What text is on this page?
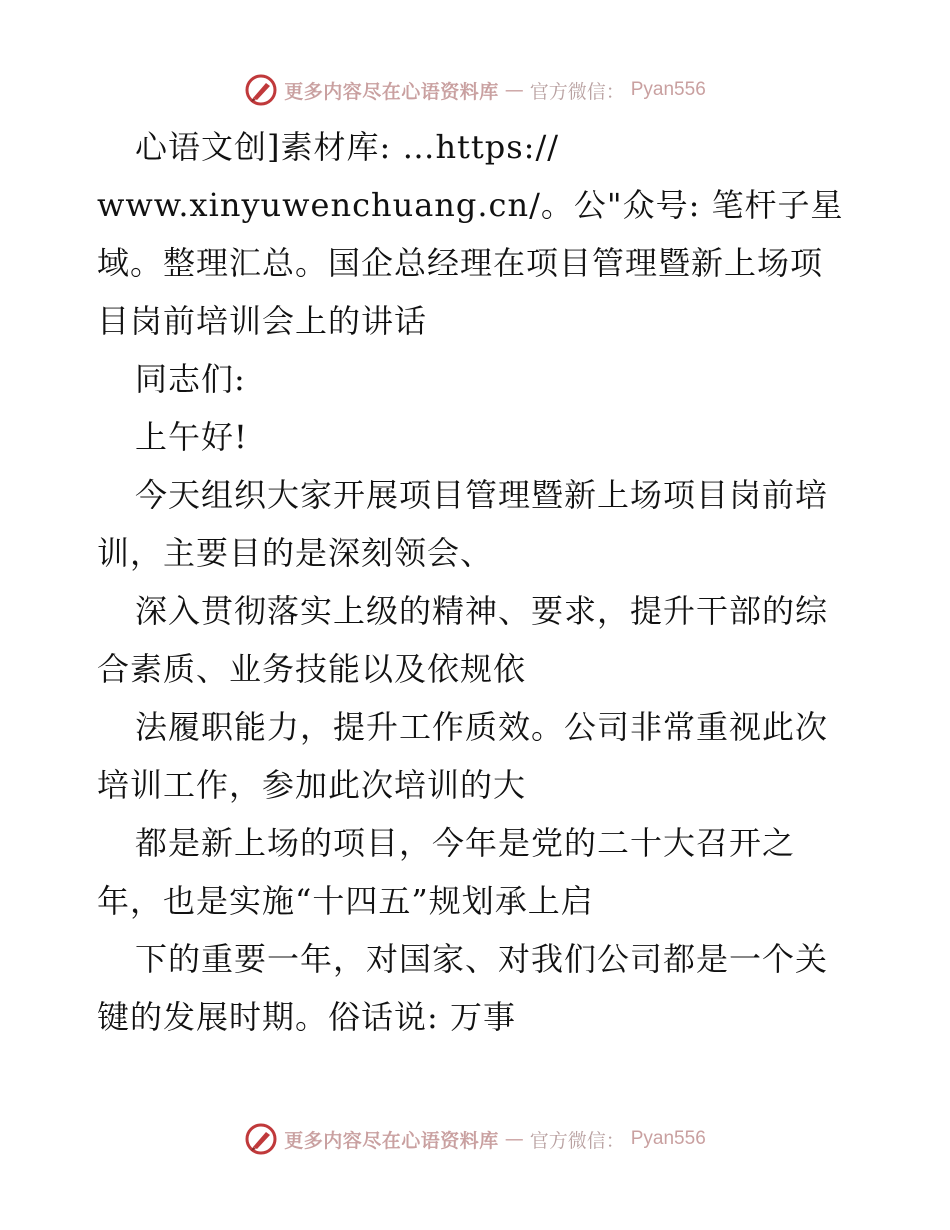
更多内容尽在心语资料库 — 官方微信： Pyan556
心语文创]素材库: …https://
www.xinyuwenchuang.cn/。公"众号: 笔杆子星
域。整理汇总。国企总经理在项目管理暨新上场项
目岗前培训会上的讲话
同志们:
上午好!
今天组织大家开展项目管理暨新上场项目岗前培
训，主要目的是深刻领会、
深入贯彻落实上级的精神、要求，提升干部的综
合素质、业务技能以及依规依
法履职能力，提升工作质效。公司非常重视此次
培训工作，参加此次培训的大
都是新上场的项目，今年是党的二十大召开之
年，也是实施“十四五”规划承上启
下的重要一年，对国家、对我们公司都是一个关
键的发展时期。俗话说: 万事
更多内容尽在心语资料库 — 官方微信： Pyan556
